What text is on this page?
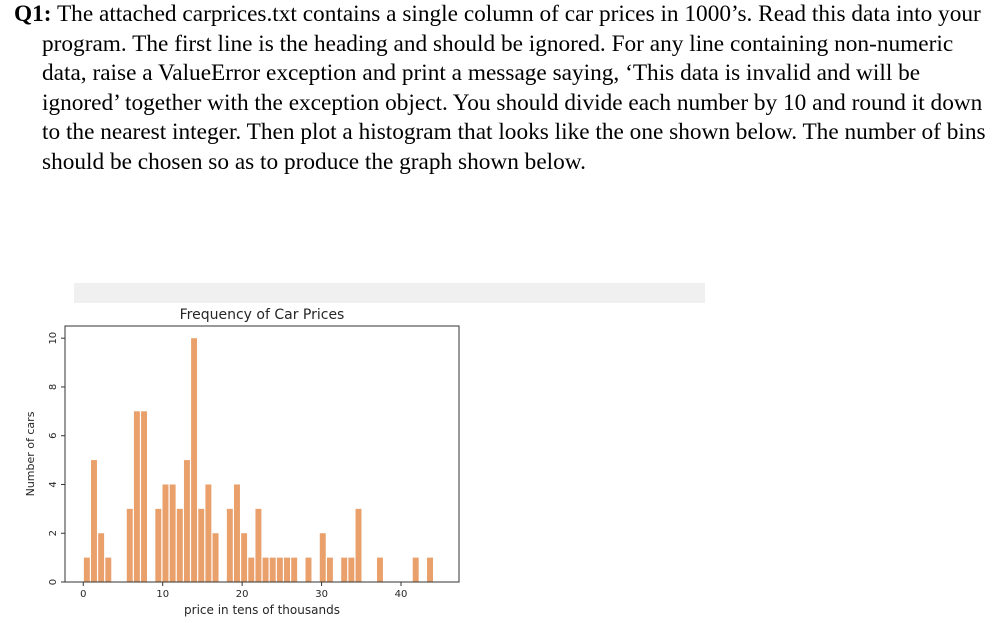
Q1: The attached carprices.txt contains a single column of car prices in 1000’s. Read this data into your program. The first line is the heading and should be ignored. For any line containing non-numeric data, raise a ValueError exception and print a message saying, ‘This data is invalid and will be ignored’ together with the exception object. You should divide each number by 10 and round it down to the nearest integer. Then plot a histogram that looks like the one shown below. The number of bins should be chosen so as to produce the graph shown below.

Frequency of Car Prices
0	10	20	30	40
0
2
4
6
8
10
price in tens of thousands
Number of cars
